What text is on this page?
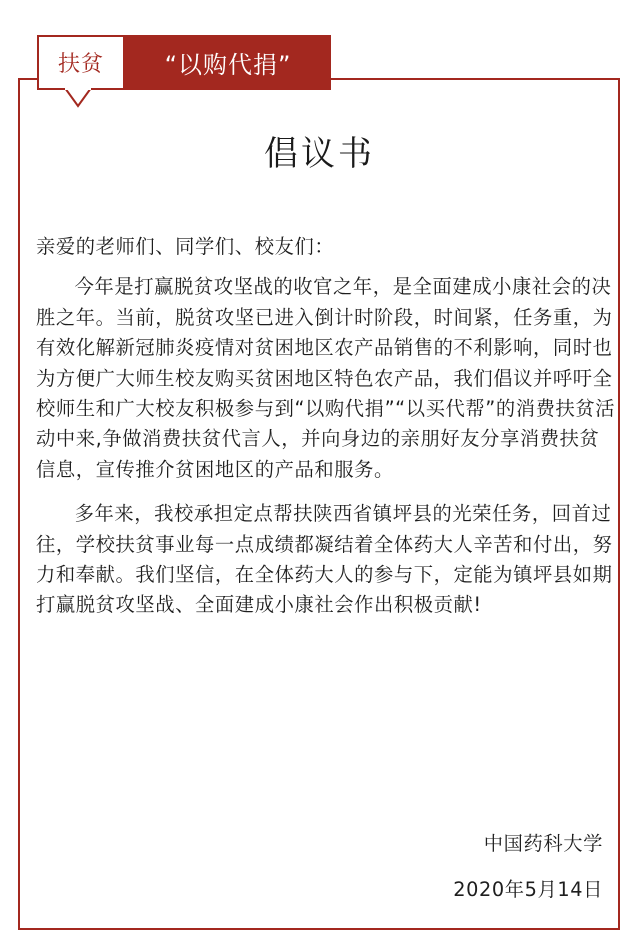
扶贫	“以购代捐”
倡议书

亲爱的老师们、同学们、校友们：

今年是打赢脱贫攻坚战的收官之年，是全面建成小康社会的决胜之年。当前，脱贫攻坚已进入倒计时阶段，时间紧，任务重，为有效化解新冠肺炎疫情对贫困地区农产品销售的不利影响，同时也为方便广大师生校友购买贫困地区特色农产品，我们倡议并呼吁全校师生和广大校友积极参与到“以购代捐”“以买代帮”的消费扶贫活动中来,争做消费扶贫代言人，并向身边的亲朋好友分享消费扶贫信息，宣传推介贫困地区的产品和服务。

多年来，我校承担定点帮扶陕西省镇坪县的光荣任务，回首过往，学校扶贫事业每一点成绩都凝结着全体药大人辛苦和付出，努力和奉献。我们坚信，在全体药大人的参与下，定能为镇坪县如期打赢脱贫攻坚战、全面建成小康社会作出积极贡献!

中国药科大学
2020年5月14日
